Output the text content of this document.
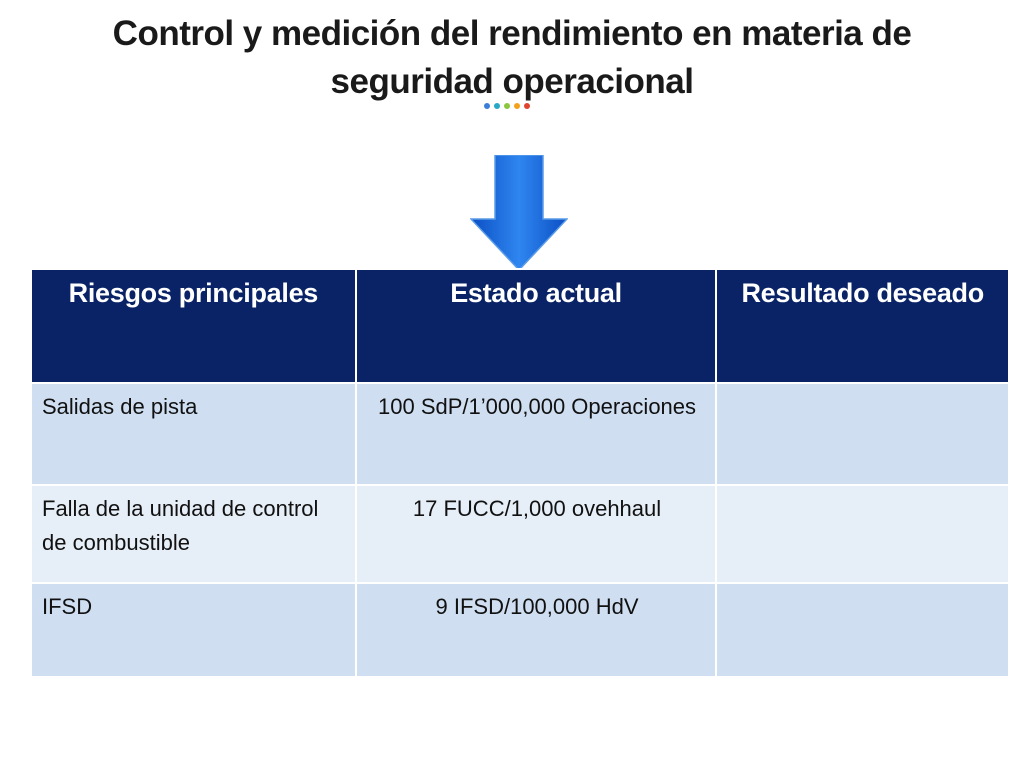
Control y medición del rendimiento en materia de seguridad operacional
Riesgos principales	Estado actual	Resultado deseado
Salidas de pista	100 SdP/1’000,000 Operaciones	
Falla de la unidad de control de combustible	17 FUCC/1,000 ovehhaul	
IFSD	9 IFSD/100,000 HdV	
